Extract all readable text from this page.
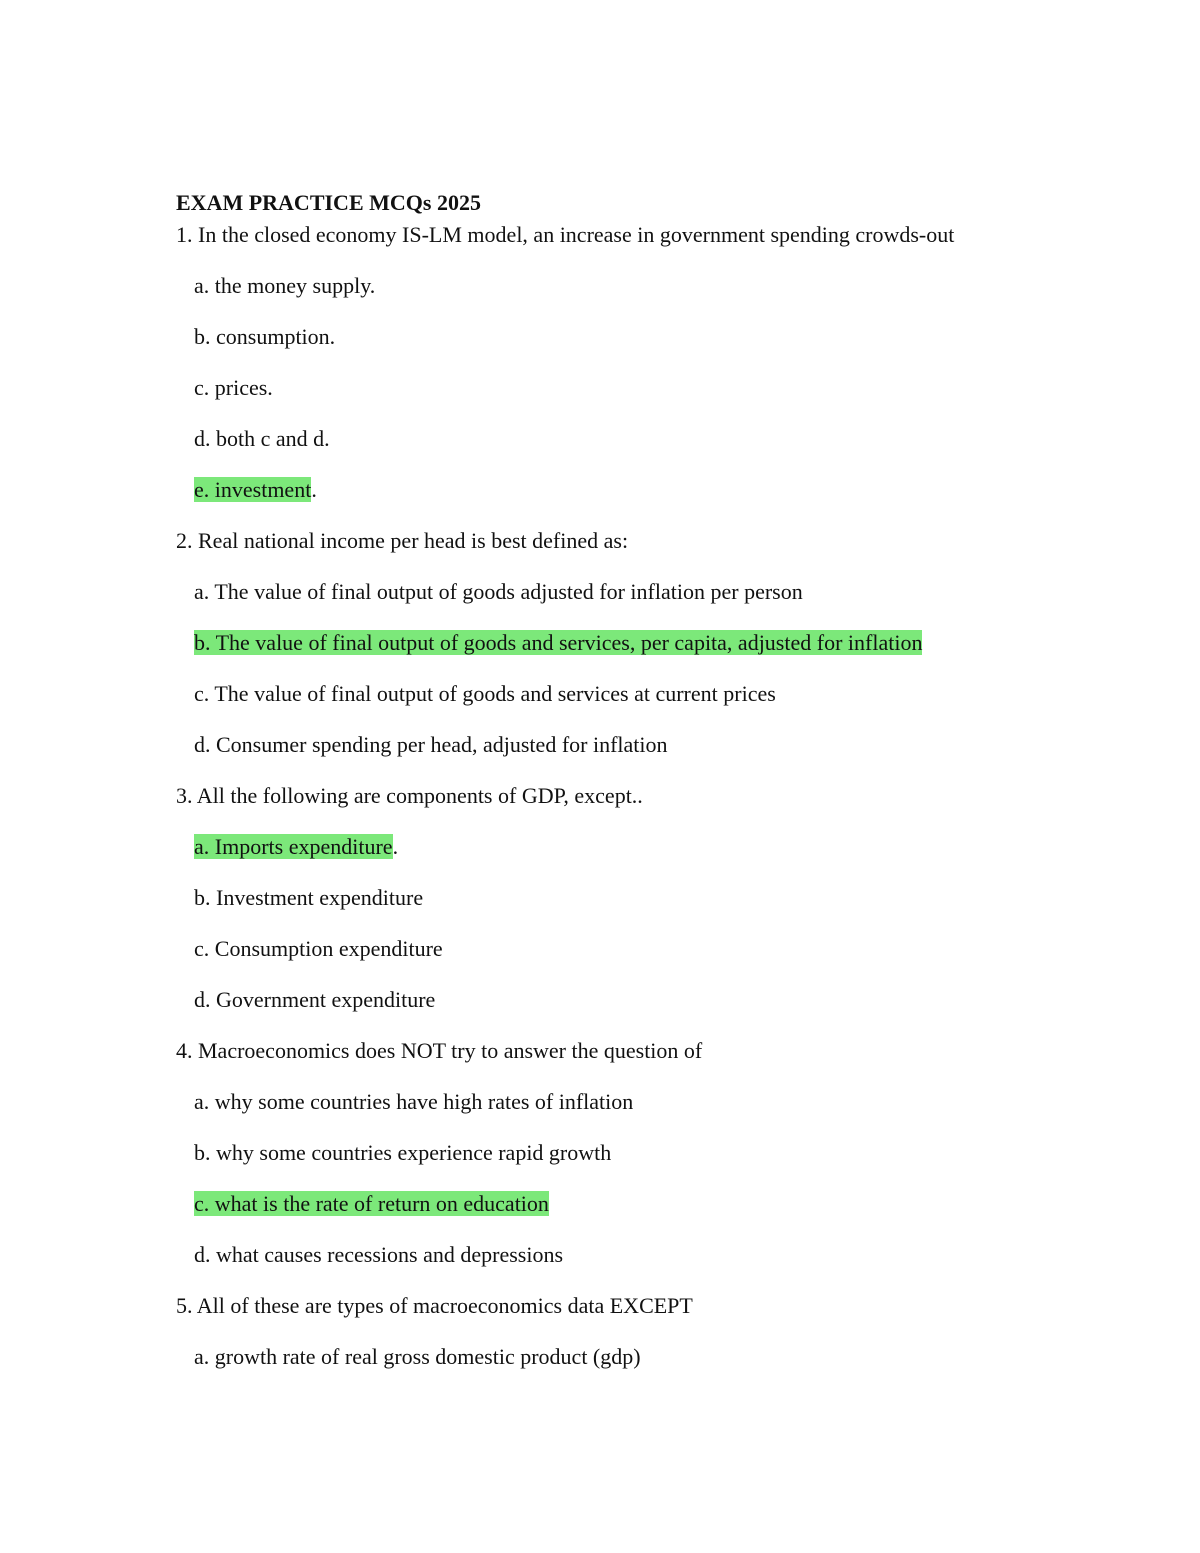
EXAM PRACTICE MCQs 2025
1. In the closed economy IS-LM model, an increase in government spending crowds-out
a. the money supply.
b. consumption.
c. prices.
d. both c and d.
e. investment.
2. Real national income per head is best defined as:
a. The value of final output of goods adjusted for inflation per person
b. The value of final output of goods and services, per capita, adjusted for inflation
c. The value of final output of goods and services at current prices
d. Consumer spending per head, adjusted for inflation
3. All the following are components of GDP, except..
a. Imports expenditure.
b. Investment expenditure
c. Consumption expenditure
d. Government expenditure
4. Macroeconomics does NOT try to answer the question of
a. why some countries have high rates of inflation
b. why some countries experience rapid growth
c. what is the rate of return on education
d. what causes recessions and depressions
5. All of these are types of macroeconomics data EXCEPT
a. growth rate of real gross domestic product (gdp)
